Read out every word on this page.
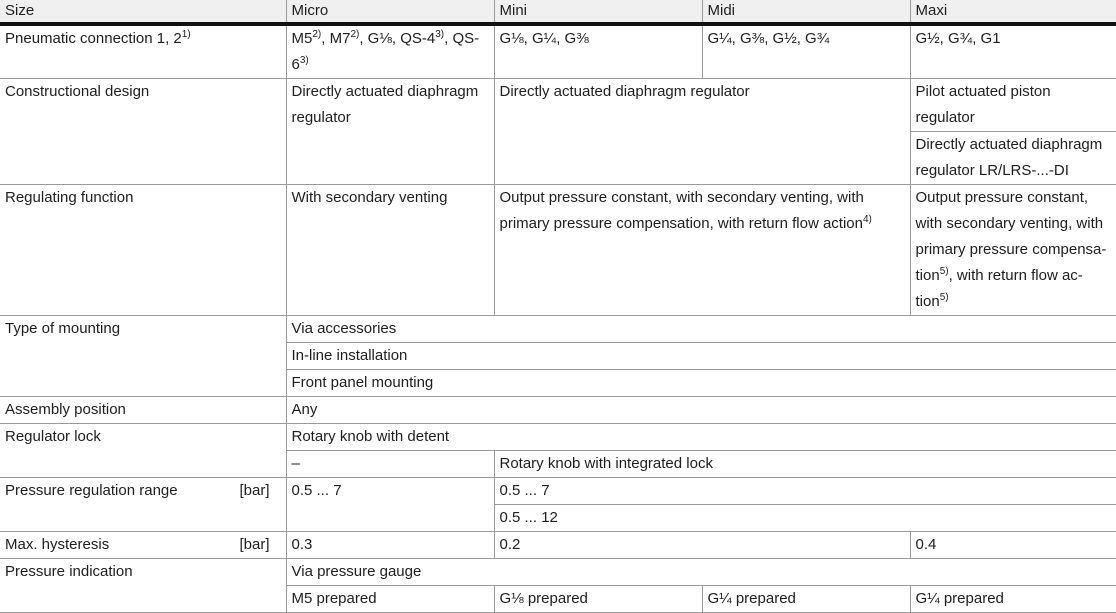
Size	Micro	Mini	Midi	Maxi
Pneumatic connection 1, 2$^{1)}$	M5$^{2)}$, M7$^{2)}$, G⅛, QS-4$^{3)}$, QS-6$^{3)}$	G⅛, G¼, G⅜	G¼, G⅜, G½, G¾	G½, G¾, G1
Constructional design	Directly actuated diaphragm regulator	Directly actuated diaphragm regulator		Pilot actuated piston regulator
				Directly actuated diaphragm regulator LR/LRS-...-DI
Regulating function	With secondary venting	Output pressure constant, with secondary venting, with primary pressure compensation, with return flow action$^{4)}$		Output pressure constant, with secondary venting, with primary pressure compensa-tion$^{5)}$, with return flow ac-tion$^{5)}$
Type of mounting	Via accessories			
	In-line installation			
	Front panel mounting			
Assembly position	Any			
Regulator lock	Rotary knob with detent			
	–	Rotary knob with integrated lock		
Pressure regulation range [bar]	0.5 ... 7	0.5 ... 7		
		0.5 ... 12		
Max. hysteresis [bar]	0.3	0.2		0.4
Pressure indication	Via pressure gauge			
	M5 prepared	G⅛ prepared	G¼ prepared	G¼ prepared
